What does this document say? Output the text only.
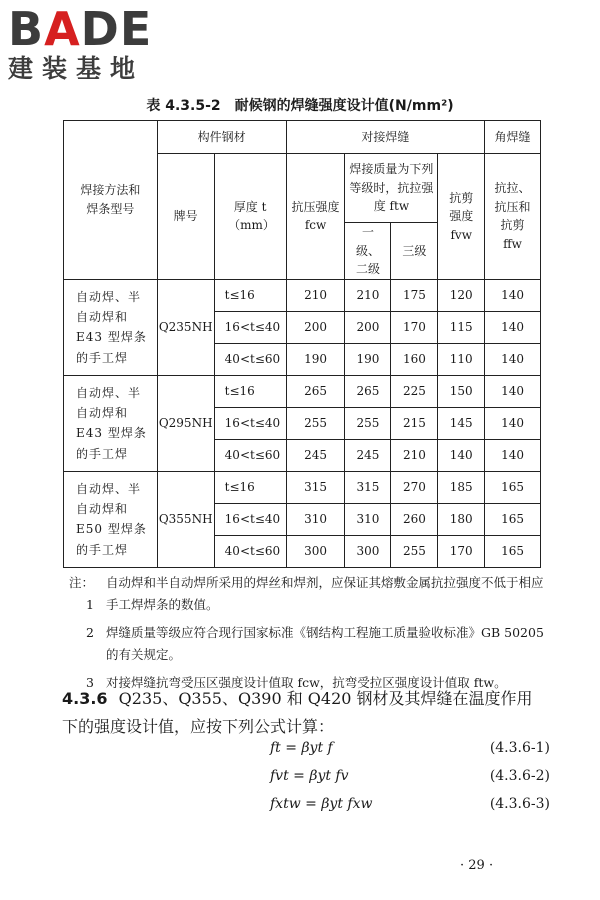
BADE
建装基地
表 4.3.5-2　耐候钢的焊缝强度设计值(N/mm²)
焊接方法和焊条型号	构件钢材		对接焊缝				角焊缝
	牌号	厚度 t（mm）	抗压强度 fcw	焊接质量为下列等级时，抗拉强度 ftw		抗剪强度 fvw	抗拉、抗压和抗剪 ffw

				一级、二级	三级		
自动焊、半自动焊和 E43 型焊条的手工焊	Q235NH	t≤16	210	210	175	120	140
		16<t≤40	200	200	170	115	140
		40<t≤60	190	190	160	110	140
自动焊、半自动焊和 E43 型焊条的手工焊	Q295NH	t≤16	265	265	225	150	140
		16<t≤40	255	255	215	145	140
		40<t≤60	245	245	210	140	140
自动焊、半自动焊和 E50 型焊条的手工焊	Q355NH	t≤16	315	315	270	185	165
		16<t≤40	310	310	260	180	165
		40<t≤60	300	300	255	170	165
注：1
自动焊和半自动焊所采用的焊丝和焊剂，应保证其熔敷金属抗拉强度不低于相应手工焊焊条的数值。
2 焊缝质量等级应符合现行国家标准《钢结构工程施工质量验收标准》GB 50205 的有关规定。
3 对接焊缝抗弯受压区强度设计值取 fcw，抗弯受拉区强度设计值取 ftw。
4.3.6 Q235、Q355、Q390 和 Q420 钢材及其焊缝在温度作用下的强度设计值，应按下列公式计算：
ft = βyt f	(4.3.6-1)
fvt = βyt fv	(4.3.6-2)
fxtw = βyt fxw	(4.3.6-3)
· 29 ·
